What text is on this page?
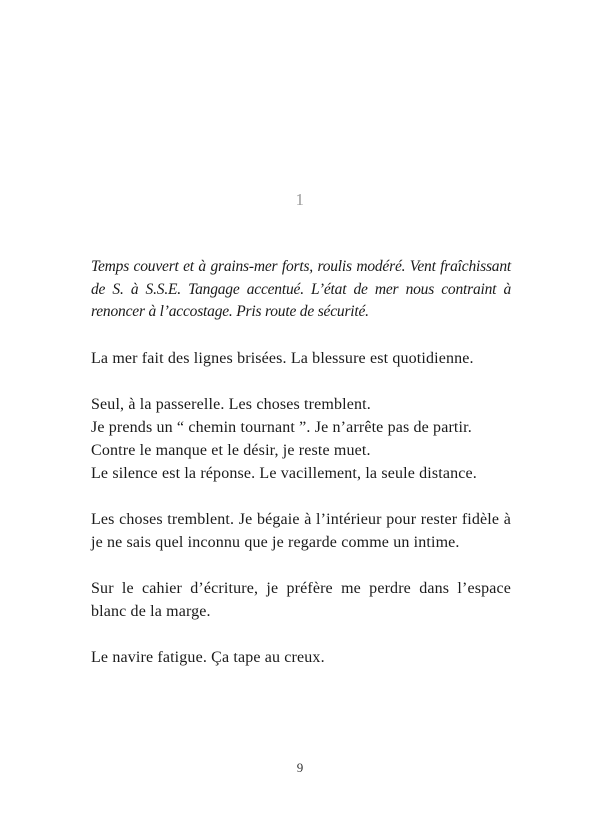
1

Temps couvert et à grains-mer forts, roulis modéré. Vent fraîchissant de S. à S.S.E. Tangage accentué. L’état de mer nous contraint à renoncer à l’accostage. Pris route de sécurité.

La mer fait des lignes brisées. La blessure est quotidienne.

Seul, à la passerelle. Les choses tremblent.
Je prends un “ chemin tournant ”. Je n’arrête pas de partir.
Contre le manque et le désir, je reste muet.
Le silence est la réponse. Le vacillement, la seule distance.

Les choses tremblent. Je bégaie à l’intérieur pour rester fidèle à je ne sais quel inconnu que je regarde comme un intime.

Sur le cahier d’écriture, je préfère me perdre dans l’espace blanc de la marge.

Le navire fatigue. Ça tape au creux.

9
